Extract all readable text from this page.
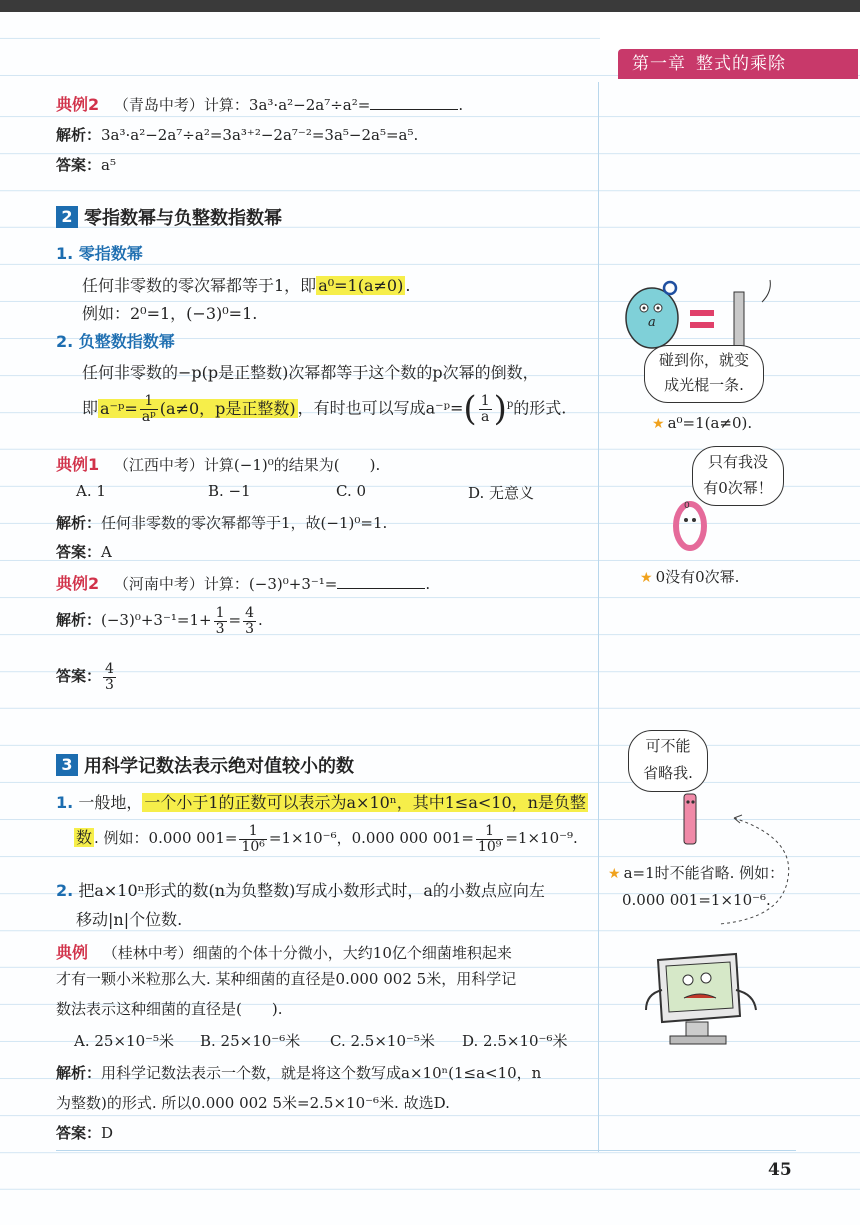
第一章 整式的乘除
典例2 （青岛中考）计算：3a³·a²−2a⁷÷a²=	.
解析：3a³·a²−2a⁷÷a²=3a³⁺²−2a⁷⁻²=3a⁵−2a⁵=a⁵.
答案：a⁵
2 零指数幂与负整数指数幂
1. 零指数幂
任何非零数的零次幂都等于1，即 a⁰=1(a≠0) .
例如：2⁰=1，(−3)⁰=1.
2. 负整数指数幂
任何非零数的−p(p是正整数)次幂都等于这个数的p次幂的倒数，
即 a⁻ᵖ= $\frac{1}{\text{aᵖ}} (a\ne 0$，p是正整数) ，有时也可以写成a⁻ᵖ=( $\frac{1}{a} )^p$的形式.
典例1 （江西中考）计算(−1)⁰的结果为(　　).
A. 1	B. −1	C. 0	D. 无意义
解析：任何非零数的零次幂都等于1，故(−1)⁰=1.
答案：A
典例2 （河南中考）计算：(−3)⁰+3⁻¹=	.
解析：$(-3)^0+3^{-1}=1+ \frac{1}{3} = \frac{4}{3}$ .
答案： $\frac{4}{3}$
3 用科学记数法表示绝对值较小的数
1. 一般地， 一个小于1的正数可以表示为a×10ⁿ，其中1≤a<10，n是负整
数 . 例如：0.000 $001= \frac{1}{\text{10⁶}} =1\times 10^{-6}$，0.000 000 $001= \frac{1}{\text{10⁹}} =1\times 10^{-9}$.
2. 把a×10ⁿ形式的数(n为负整数)写成小数形式时，a的小数点应向左
移动|n|个位数.
典例 （桂林中考）细菌的个体十分微小，大约10亿个细菌堆积起来
才有一颗小米粒那么大. 某种细菌的直径是0.000 002 5米，用科学记
数法表示这种细菌的直径是(　　).
A. 25×10⁻⁵米 B. 25×10⁻⁶米 C. 2.5×10⁻⁵米 D. 2.5×10⁻⁶米
解析：用科学记数法表示一个数，就是将这个数写成a×10ⁿ(1≤a<10，n
为整数)的形式. 所以0.000 002 5米=2.5×10⁻⁶米. 故选D.
答案：D
a
碰到你，就变
成光棍一条.
★ a⁰=1(a≠0).
只有我没
有0次幂！
0
★ 0没有0次幂.
可不能
省略我.
★ a=1时不能省略. 例如：
0.000 001=1×10⁻⁶.
45
